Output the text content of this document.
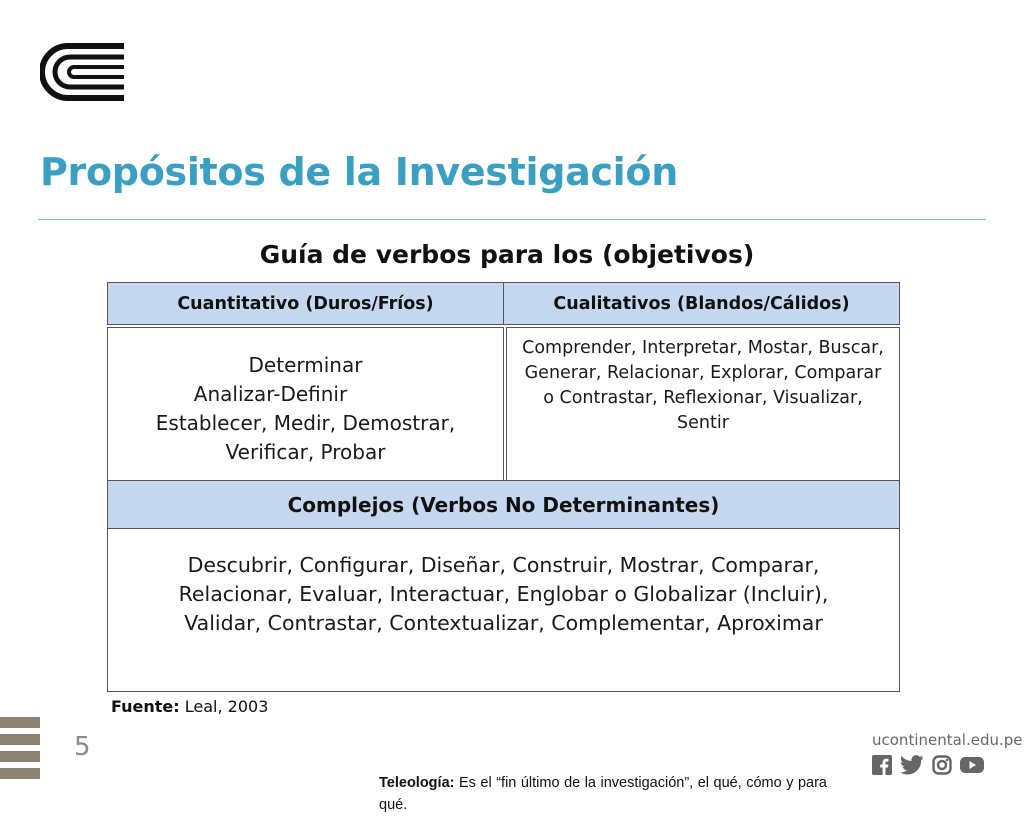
Propósitos de la Investigación
Guía de verbos para los (objetivos)
Cuantitativo (Duros/Fríos)	Cualitativos (Blandos/Cálidos)
Determinar
Analizar-Definir
Establecer, Medir, Demostrar,
Verificar, Probar
Comprender, Interpretar, Mostar, Buscar, Generar, Relacionar, Explorar, Comparar o Contrastar, Reflexionar, Visualizar, Sentir
Complejos (Verbos No Determinantes)
Descubrir, Configurar, Diseñar, Construir, Mostrar, Comparar,
Relacionar, Evaluar, Interactuar, Englobar o Globalizar (Incluir),
Validar, Contrastar, Contextualizar, Complementar, Aproximar
Fuente: Leal, 2003
5	ucontinental.edu.pe
Teleología: Es el “fin último de la investigación”, el qué, cómo y para qué.
